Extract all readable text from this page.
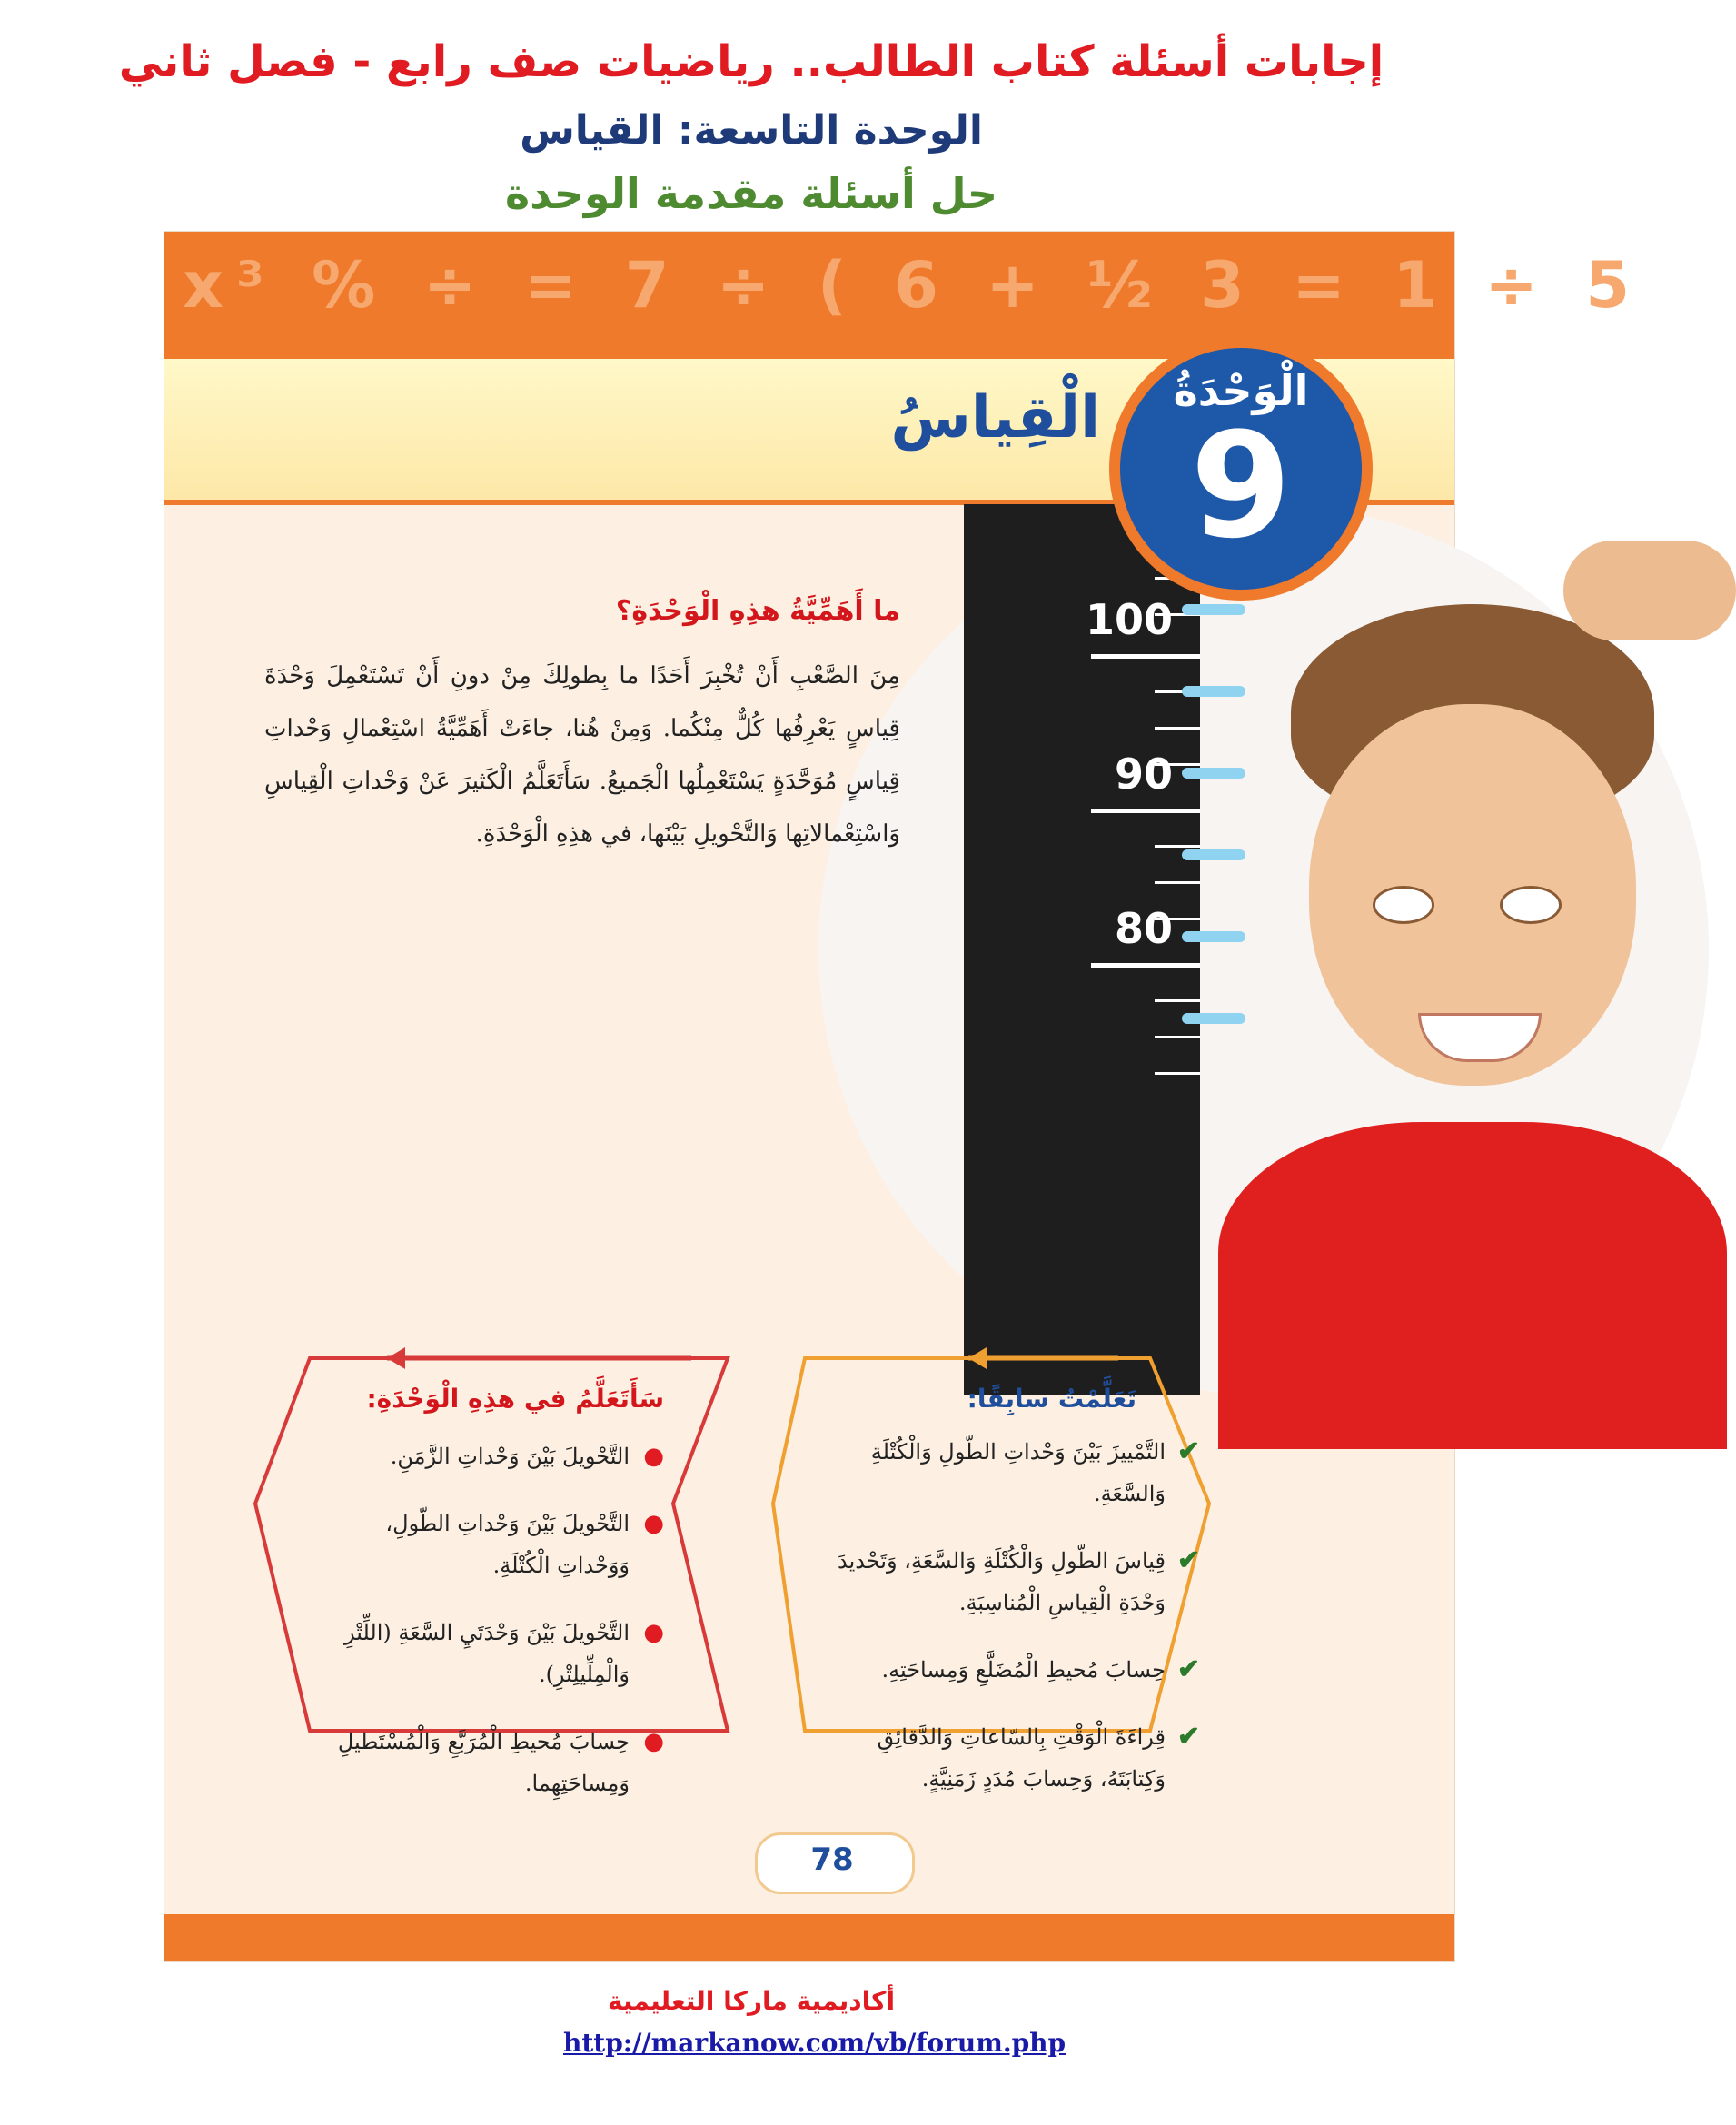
إجابات أسئلة كتاب الطالب.. رياضيات صف رابع - فصل ثاني
الوحدة التاسعة: القياس
حل أسئلة مقدمة الوحدة
x³ % ÷ = 7 ÷ ( 6 + ½ 3 = 1 ÷ 5
الْقِياسُ
100
90
80
الْوَحْدَةُ
9
ما أَهَمِّيَّةُ هذِهِ الْوَحْدَةِ؟
مِنَ الصَّعْبِ أَنْ تُخْبِرَ أَحَدًا ما بِطولِكَ مِنْ دونِ أَنْ تَسْتَعْمِلَ وَحْدَةَ قِياسٍ يَعْرِفُها كُلٌّ مِنْكُما. وَمِنْ هُنا، جاءَتْ أَهَمِّيَّةُ اسْتِعْمالِ وَحْداتِ قِياسٍ مُوَحَّدَةٍ يَسْتَعْمِلُها الْجَميعُ. سَأَتَعَلَّمُ الْكَثيرَ عَنْ وَحْداتِ الْقِياسِ وَاسْتِعْمالاتِها وَالتَّحْويلِ بَيْنَها، في هذِهِ الْوَحْدَةِ.
تَعَلَّمْتُ سابِقًا:
✔
التَّمْييزَ بَيْنَ وَحْداتِ الطّولِ وَالْكُتْلَةِ وَالسَّعَةِ.
✔
قِياسَ الطّولِ وَالْكُتْلَةِ وَالسَّعَةِ، وَتَحْديدَ وَحْدَةِ الْقِياسِ الْمُناسِبَةِ.
✔
حِسابَ مُحيطِ الْمُضَلَّعِ وَمِساحَتِهِ.
✔
قِراءَةَ الْوَقْتِ بِالسّاعاتِ وَالدَّقائِقِ وَكِتابَتَهُ، وَحِسابَ مُدَدٍ زَمَنِيَّةٍ.
سَأَتَعَلَّمُ في هذِهِ الْوَحْدَةِ:
●
التَّحْويلَ بَيْنَ وَحْداتِ الزَّمَنِ.
●
التَّحْويلَ بَيْنَ وَحْداتِ الطّولِ، وَوَحْداتِ الْكُتْلَةِ.
●
التَّحْويلَ بَيْنَ وَحْدَتَيِ السَّعَةِ (اللِّتْرِ وَالْمِلِّيلِتْرِ).
●
حِسابَ مُحيطِ الْمُرَبَّعِ وَالْمُسْتَطيلِ وَمِساحَتِهِما.
78
أكاديمية ماركا التعليمية
http://markanow.com/vb/forum.php
